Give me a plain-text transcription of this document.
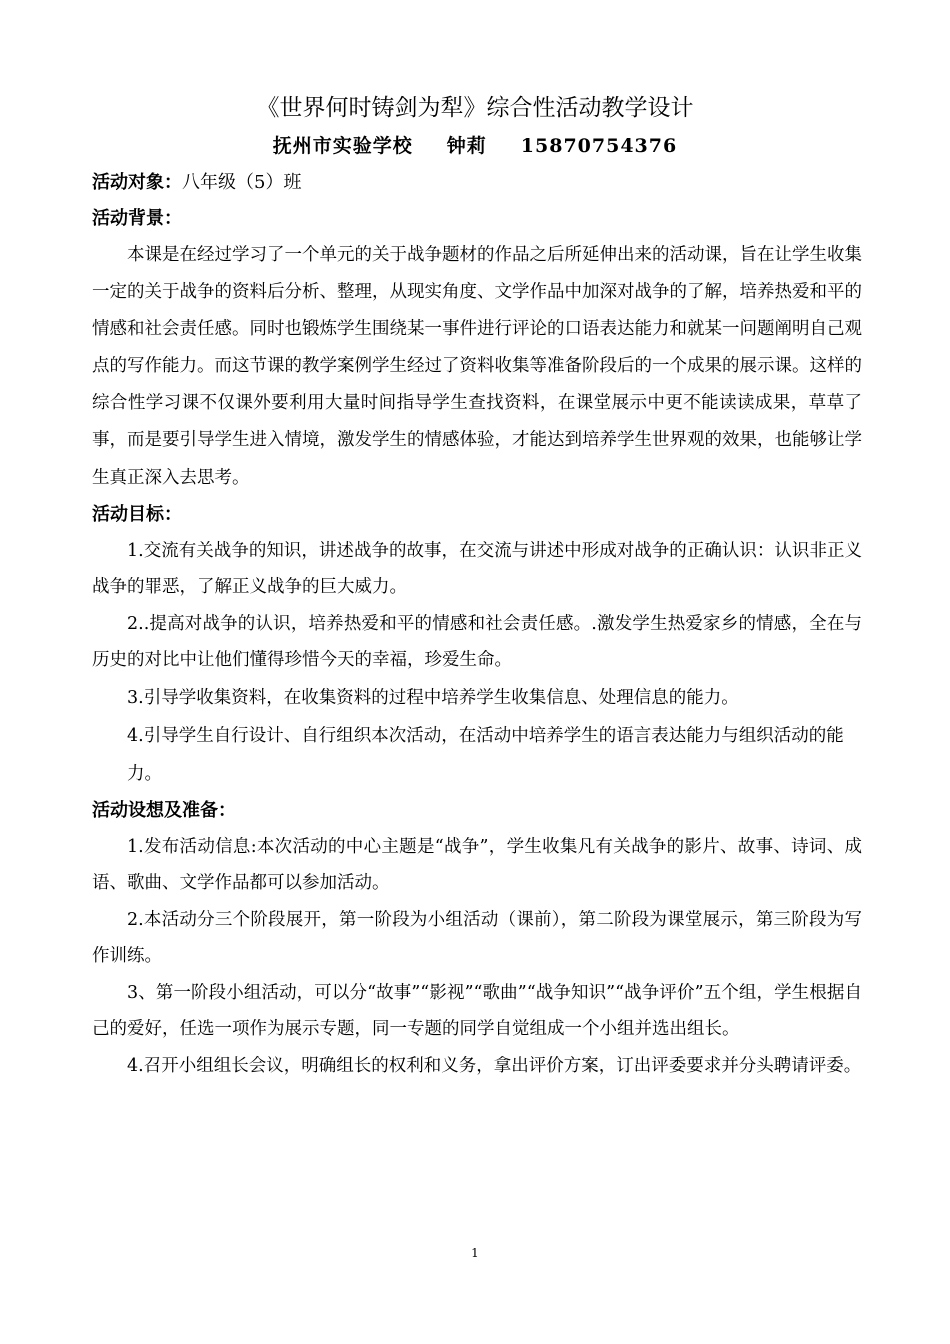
《世界何时铸剑为犁》综合性活动教学设计
抚州市实验学校 钟莉 15870754376
活动对象：八年级（5）班
活动背景：

本课是在经过学习了一个单元的关于战争题材的作品之后所延伸出来的活动课，旨在让学生收集一定的关于战争的资料后分析、整理，从现实角度、文学作品中加深对战争的了解，培养热爱和平的情感和社会责任感。同时也锻炼学生围绕某一事件进行评论的口语表达能力和就某一问题阐明自己观点的写作能力。而这节课的教学案例学生经过了资料收集等准备阶段后的一个成果的展示课。这样的综合性学习课不仅课外要利用大量时间指导学生查找资料，在课堂展示中更不能读读成果，草草了事，而是要引导学生进入情境，激发学生的情感体验，才能达到培养学生世界观的效果，也能够让学生真正深入去思考。

活动目标：

1.交流有关战争的知识，讲述战争的故事，在交流与讲述中形成对战争的正确认识：认识非正义战争的罪恶，了解正义战争的巨大威力。

2..提高对战争的认识，培养热爱和平的情感和社会责任感。.激发学生热爱家乡的情感，全在与历史的对比中让他们懂得珍惜今天的幸福，珍爱生命。

3.引导学收集资料，在收集资料的过程中培养学生收集信息、处理信息的能力。

4.引导学生自行设计、自行组织本次活动，在活动中培养学生的语言表达能力与组织活动的能力。

活动设想及准备：

1.发布活动信息:本次活动的中心主题是“战争”，学生收集凡有关战争的影片、故事、诗词、成语、歌曲、文学作品都可以参加活动。

2.本活动分三个阶段展开，第一阶段为小组活动（课前），第二阶段为课堂展示，第三阶段为写作训练。

3、第一阶段小组活动，可以分“故事”“影视”“歌曲”“战争知识”“战争评价”五个组，学生根据自己的爱好，任选一项作为展示专题，同一专题的同学自觉组成一个小组并选出组长。

4.召开小组组长会议，明确组长的权利和义务，拿出评价方案，订出评委要求并分头聘请评委。

1
